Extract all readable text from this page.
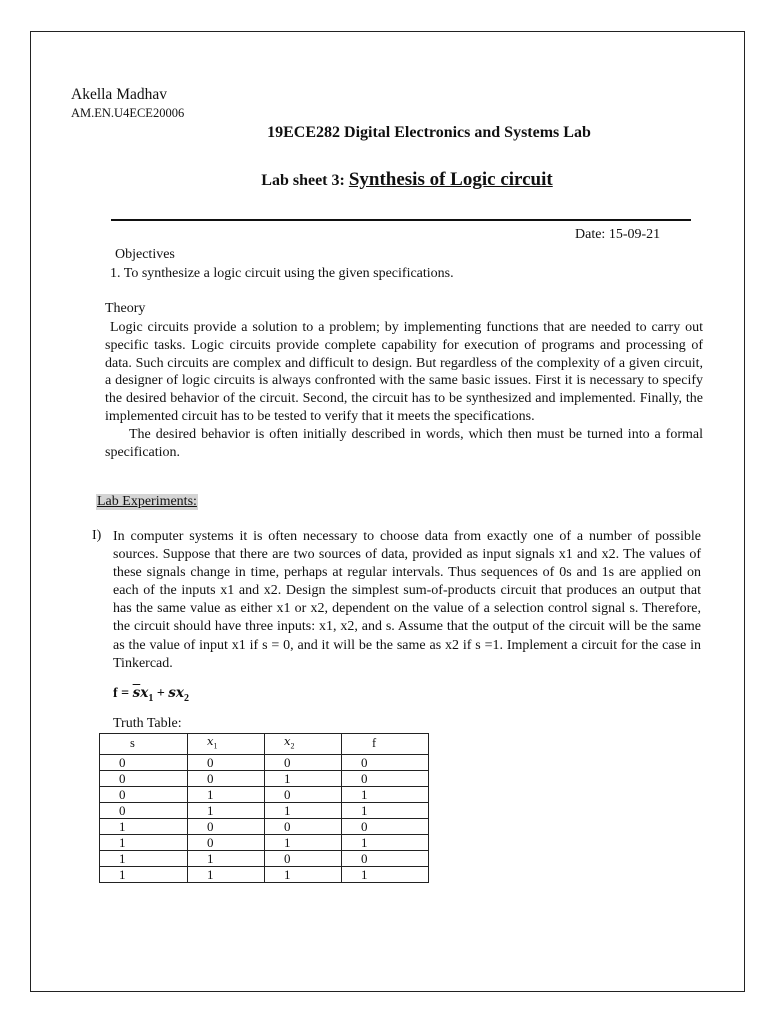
Akella Madhav
AM.EN.U4ECE20006
19ECE282 Digital Electronics and Systems Lab
Lab sheet 3: Synthesis of Logic circuit
Date: 15-09-21
Objectives
1. To synthesize a logic circuit using the given specifications.
Theory

Logic circuits provide a solution to a problem; by implementing functions that are needed to carry out specific tasks. Logic circuits provide complete capability for execution of programs and processing of data. Such circuits are complex and difficult to design. But regardless of the complexity of a given circuit, a designer of logic circuits is always confronted with the same basic issues. First it is necessary to specify the desired behavior of the circuit. Second, the circuit has to be synthesized and implemented. Finally, the implemented circuit has to be tested to verify that it meets the specifications.

The desired behavior is often initially described in words, which then must be turned into a formal specification.

Lab Experiments:
I) In computer systems it is often necessary to choose data from exactly one of a number of possible sources. Suppose that there are two sources of data, provided as input signals x1 and x2. The values of these signals change in time, perhaps at regular intervals. Thus sequences of 0s and 1s are applied on each of the inputs x1 and x2. Design the simplest sum-of-products circuit that produces an output that has the same value as either x1 or x2, dependent on the value of a selection control signal s. Therefore, the circuit should have three inputs: x1, x2, and s. Assume that the output of the circuit will be the same as the value of input x1 if s = 0, and it will be the same as x2 if s =1. Implement a circuit for the case in Tinkercad.
$f = \overline{s}x_1 + sx_2$
Truth Table:
s	$x_1$	$x_2$	f
0	0	0	0
0	0	1	0
0	1	0	1
0	1	1	1
1	0	0	0
1	0	1	1
1	1	0	0
1	1	1	1
